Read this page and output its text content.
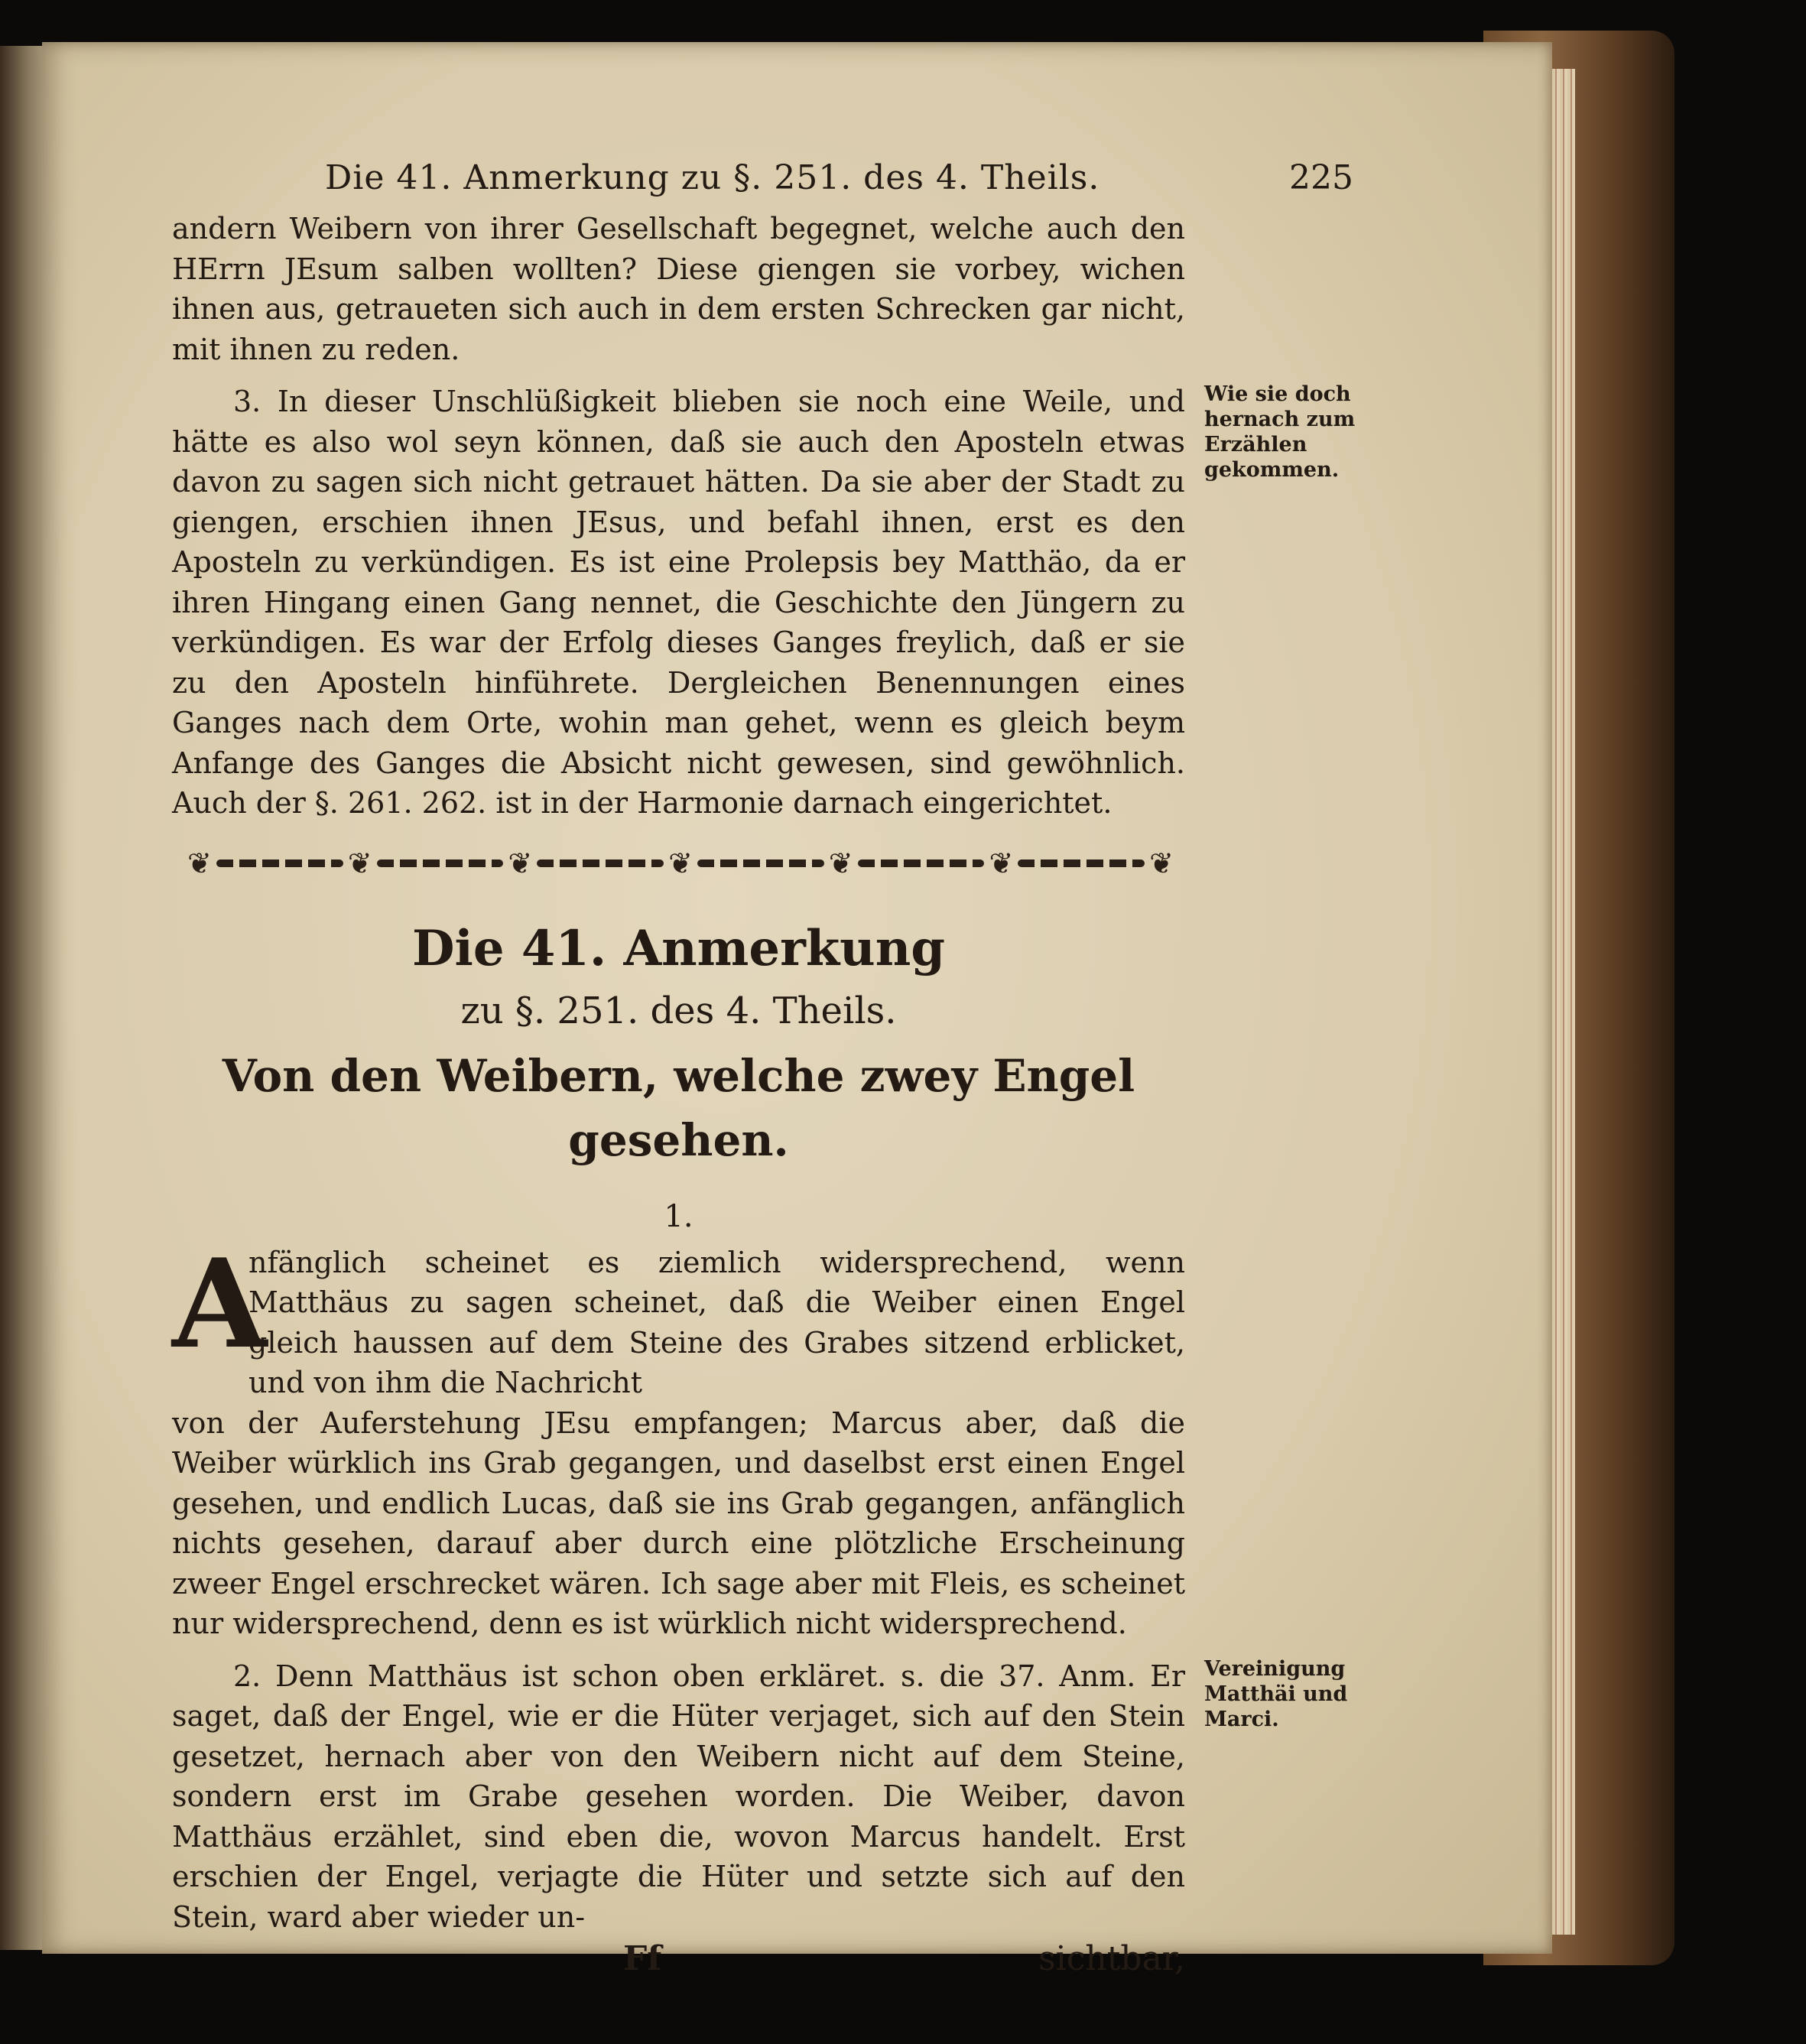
Die 41. Anmerkung zu §. 251. des 4. Theils.	225

andern Weibern von ihrer Gesellschaft begegnet, welche auch den HErrn JEsum salben wollten? Diese giengen sie vorbey, wichen ihnen aus, getraueten sich auch in dem ersten Schrecken gar nicht, mit ihnen zu reden.

3. In dieser Unschlüßigkeit blieben sie noch eine Weile, und hätte es also wol seyn können, daß sie auch den Aposteln etwas davon zu sagen sich nicht getrauet hätten. Da sie aber der Stadt zu giengen, erschien ihnen JEsus, und befahl ihnen, erst es den Aposteln zu verkündigen. Es ist eine Prolepsis bey Matthäo, da er ihren Hingang einen Gang nennet, die Geschichte den Jüngern zu verkündigen. Es war der Erfolg dieses Ganges freylich, daß er sie zu den Aposteln hinführete. Dergleichen Benennungen eines Ganges nach dem Orte, wohin man gehet, wenn es gleich beym Anfange des Ganges die Absicht nicht gewesen, sind gewöhnlich. Auch der §. 261. 262. ist in der Harmonie darnach eingerichtet.

Wie sie doch hernach zum Erzählen gekommen.
❦	❦	❦	❦	❦	❦	❦

Die 41. Anmerkung

zu §. 251. des 4. Theils.

Von den Weibern, welche zwey Engel gesehen.

1.

A

nfänglich scheinet es ziemlich widersprechend, wenn Matthäus zu sagen scheinet, daß die Weiber einen Engel gleich haussen auf dem Steine des Grabes sitzend erblicket, und von ihm die Nachricht

von der Auferstehung JEsu empfangen; Marcus aber, daß die Weiber würklich ins Grab gegangen, und daselbst erst einen Engel gesehen, und endlich Lucas, daß sie ins Grab gegangen, anfänglich nichts gesehen, darauf aber durch eine plötzliche Erscheinung zweer Engel erschrecket wären. Ich sage aber mit Fleis, es scheinet nur widersprechend, denn es ist würklich nicht widersprechend.

2. Denn Matthäus ist schon oben erkläret. s. die 37. Anm. Er saget, daß der Engel, wie er die Hüter verjaget, sich auf den Stein gesetzet, hernach aber von den Weibern nicht auf dem Steine, sondern erst im Grabe gesehen worden. Die Weiber, davon Matthäus erzählet, sind eben die, wovon Marcus handelt. Erst erschien der Engel, verjagte die Hüter und setzte sich auf den Stein, ward aber wieder un-

Vereinigung Matthäi und Marci.
Ff	sichtbar,
